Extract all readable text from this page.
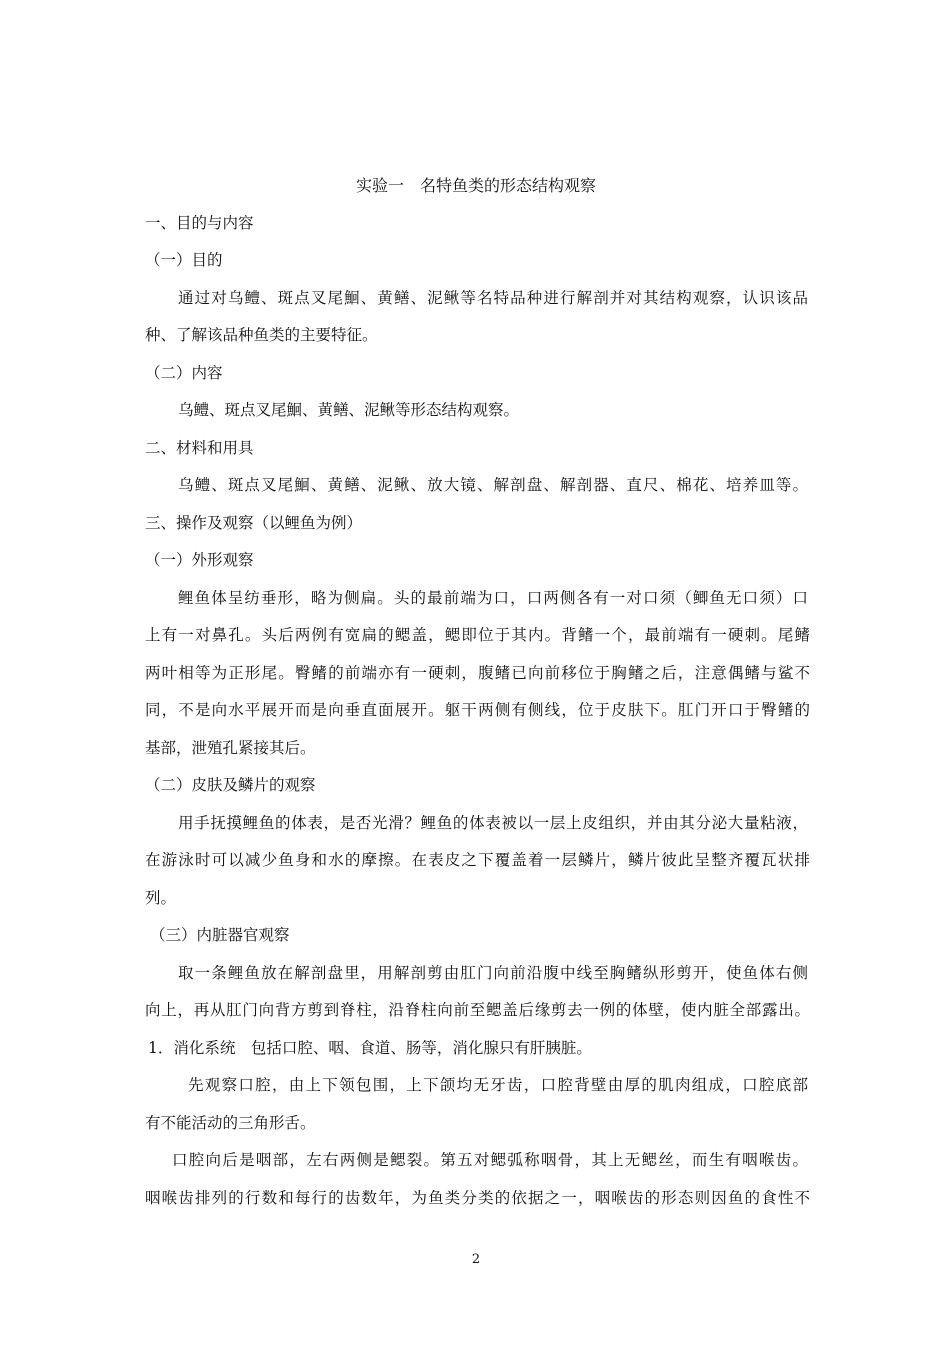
实验一　名特鱼类的形态结构观察
一、目的与内容
（一）目的
通过对乌鳢、斑点叉尾鮰、黄鳝、泥鳅等名特品种进行解剖并对其结构观察，认识该品
种、了解该品种鱼类的主要特征。
（二）内容
乌鳢、斑点叉尾鮰、黄鳝、泥鳅等形态结构观察。
二、材料和用具
乌鳢、斑点叉尾鮰、黄鳝、泥鳅、放大镜、解剖盘、解剖器、直尺、棉花、培养皿等。
三、操作及观察（以鲤鱼为例）
（一）外形观察
鲤鱼体呈纺垂形，略为侧扁。头的最前端为口，口两侧各有一对口须（鲫鱼无口须）口
上有一对鼻孔。头后两例有宽扁的鳃盖，鳃即位于其内。背鳍一个，最前端有一硬刺。尾鳍
两叶相等为正形尾。臀鳍的前端亦有一硬刺，腹鳍已向前移位于胸鳍之后，注意偶鳍与鲨不
同，不是向水平展开而是向垂直面展开。躯干两侧有侧线，位于皮肤下。肛门开口于臀鳍的
基部，泄殖孔紧接其后。
（二）皮肤及鳞片的观察
用手抚摸鲤鱼的体表，是否光滑？鲤鱼的体表被以一层上皮组织，并由其分泌大量粘液，
在游泳时可以减少鱼身和水的摩擦。在表皮之下覆盖着一层鳞片，鳞片彼此呈整齐覆瓦状排
列。
（三）内脏器官观察
取一条鲤鱼放在解剖盘里，用解剖剪由肛门向前沿腹中线至胸鳍纵形剪开，使鱼体右侧
向上，再从肛门向背方剪到脊柱，沿脊柱向前至鳃盖后缘剪去一例的体壁，使内脏全部露出。
1．消化系统　包括口腔、咽、食道、肠等，消化腺只有肝胰脏。
先观察口腔，由上下领包围，上下颌均无牙齿，口腔背壁由厚的肌肉组成，口腔底部
有不能活动的三角形舌。
口腔向后是咽部，左右两侧是鳃裂。第五对鳃弧称咽骨，其上无鳃丝，而生有咽喉齿。
咽喉齿排列的行数和每行的齿数年，为鱼类分类的依据之一，咽喉齿的形态则因鱼的食性不
2
